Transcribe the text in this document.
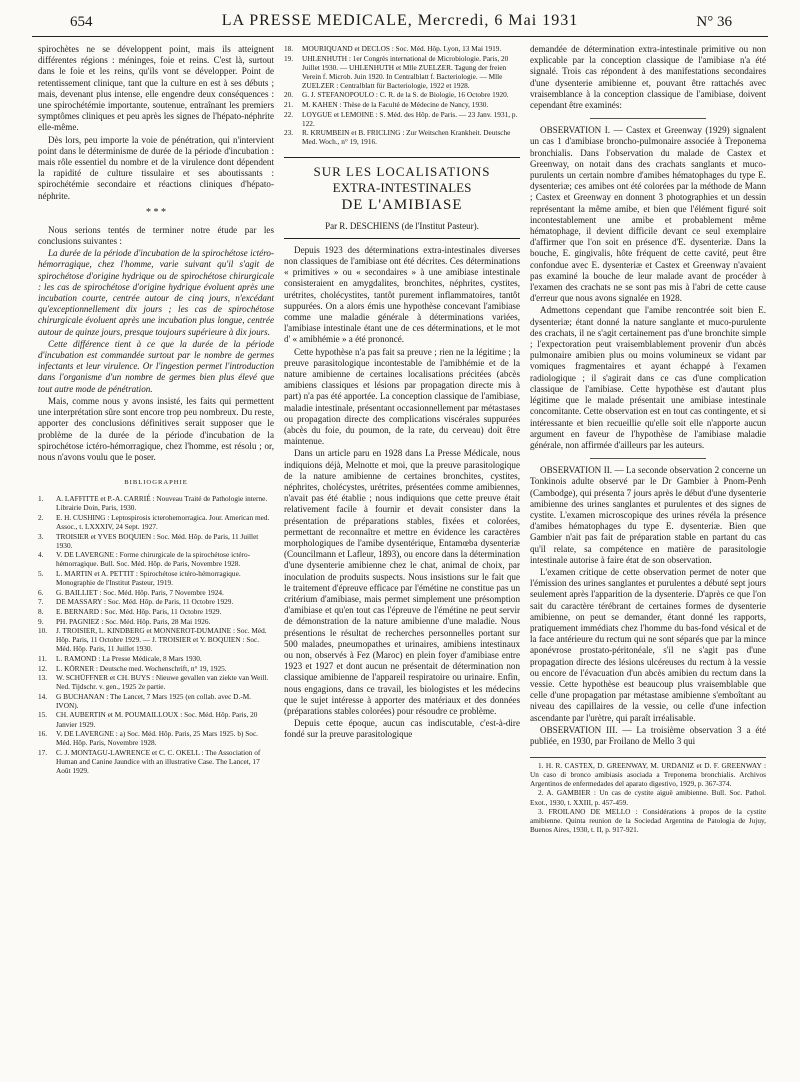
654	LA PRESSE MEDICALE, Mercredi, 6 Mai 1931	N° 36

spirochètes ne se développent point, mais ils atteignent différentes régions : méninges, foie et reins. C'est là, surtout dans le foie et les reins, qu'ils vont se développer. Point de retentissement clinique, tant que la culture en est à ses débuts ; mais, devenant plus intense, elle engendre deux conséquences : une spirochétémie importante, soutenue, entraînant les premiers symptômes cliniques et peu après les signes de l'hépato-néphrite elle-même.

Dès lors, peu importe la voie de pénétration, qui n'intervient point dans le déterminisme de durée de la période d'incubation : mais rôle essentiel du nombre et de la virulence dont dépendent la rapidité de culture tissulaire et ses aboutissants : spirochétémie secondaire et réactions cliniques d'hépato-néphrite.

* * *

Nous serions tentés de terminer notre étude par les conclusions suivantes :

La durée de la période d'incubation de la spirochétose ictéro-hémorragique, chez l'homme, varie suivant qu'il s'agit de spirochétose d'origine hydrique ou de spirochétose chirurgicale : les cas de spirochétose d'origine hydrique évoluent après une incubation courte, centrée autour de cinq jours, n'excédant qu'exceptionnellement dix jours ; les cas de spirochétose chirurgicale évoluent après une incubation plus longue, centrée autour de quinze jours, presque toujours supérieure à dix jours.

Cette différence tient à ce que la durée de la période d'incubation est commandée surtout par le nombre de germes infectants et leur virulence. Or l'ingestion permet l'introduction dans l'organisme d'un nombre de germes bien plus élevé que tout autre mode de pénétration.

Mais, comme nous y avons insisté, les faits qui permettent une interprétation sûre sont encore trop peu nombreux. Du reste, apporter des conclusions définitives serait supposer que le problème de la durée de la période d'incubation de la spirochétose ictéro-hémorragique, chez l'homme, est résolu ; or, nous n'avons voulu que le poser.

BIBLIOGRAPHIE
1. A. LAFFITTE et P.-A. CARRIÉ : Nouveau Traité de Pathologie interne. Librairie Doin, Paris, 1930.
2. E. H. CUSHING : Leptospirosis icterohemorragica. Jour. American med. Assoc., t. LXXXIV, 24 Sept. 1927.
3. TROISIER et YVES BOQUIEN : Soc. Méd. Hôp. de Paris, 11 Juillet 1930.
4. V. DE LAVERGNE : Forme chirurgicale de la spirochétose ictéro-hémorragique. Bull. Soc. Méd. Hôp. de Paris, Novembre 1928.
5. L. MARTIN et A. PETTIT : Spirochétose ictéro-hémorragique. Monographie de l'Institut Pasteur, 1919.
6. G. BAILLIET : Soc. Méd. Hôp. Paris, 7 Novembre 1924.
7. DE MASSARY : Soc. Méd. Hôp. de Paris, 11 Octobre 1929.
8. E. BERNARD : Soc. Méd. Hôp. Paris, 11 Octobre 1929.
9. PH. PAGNIEZ : Soc. Méd. Hôp. Paris, 28 Mai 1926.
10. J. TROISIER, L. KINDBERG et MONNEROT-DUMAINE : Soc. Méd. Hôp. Paris, 11 Octobre 1929. — J. TROISIER et Y. BOQUIEN : Soc. Méd. Hôp. Paris, 11 Juillet 1930.
11. L. RAMOND : La Presse Médicale, 8 Mars 1930.
12. L. KÖRNER : Deutsche med. Wochenschrift, n° 19, 1925.
13. W. SCHÜFFNER et CH. BUYS : Nieuwe gevallen van ziekte van Weill. Ned. Tijdschr. v. gen., 1925 2e partie.
14. G BUCHANAN : The Lancet, 7 Mars 1925 (en collab. avec D.-M. IVON).
15. CH. AUBERTIN et M. POUMAILLOUX : Soc. Méd. Hôp. Paris, 20 Janvier 1929.
16. V. DE LAVERGNE : a) Soc. Méd. Hôp. Paris, 25 Mars 1925. b) Soc. Méd. Hôp. Paris, Novembre 1928.
17. C. J. MONTAGU-LAWRENCE et C. C. OKELL : The Association of Human and Canine Jaundice with an illustrative Case. The Lancet, 17 Août 1929.
18. MOURIQUAND et DECLOS : Soc. Méd. Hôp. Lyon, 13 Mai 1919.
19. UHLENHUTH : 1er Congrès international de Microbiologie. Paris, 20 Juillet 1930. — UHLENHUTH et Mlle ZUELZER. Tagung der freien Verein f. Microb. Juin 1920. In Centralblatt f. Bacteriologie. — Mlle ZUELZER : Centralblatt für Bacteriologie, 1922 et 1928.
20. G. J. STEFANOPOULO : C. R. de la S. de Biologie, 16 Octobre 1920.
21. M. KAHEN : Thèse de la Faculté de Médecine de Nancy, 1930.
22. LOYGUE et LEMOINE : S. Méd. des Hôp. de Paris. — 23 Janv. 1931, p. 122.
23. R. KRUMBEIN et B. FRICLING : Zur Weitschen Krankheit. Deutsche Med. Woch., n° 19, 1916.
SUR LES LOCALISATIONS
EXTRA-INTESTINALES
DE L'AMIBIASE
Par R. DESCHIENS (de l'Institut Pasteur).

Depuis 1923 des déterminations extra-intestinales diverses non classiques de l'amibiase ont été décrites. Ces déterminations « primitives » ou « secondaires » à une amibiase intestinale consisteraient en amygdalites, bronchites, néphrites, cystites, urétrites, cholécystites, tantôt purement inflammatoires, tantôt suppurées. On a alors émis une hypothèse concevant l'amibiase comme une maladie générale à déterminations variées, l'amibiase intestinale étant une de ces déterminations, et le mot d' « amibhémie » a été prononcé.

Cette hypothèse n'a pas fait sa preuve ; rien ne la légitime ; la preuve parasitologique incontestable de l'amibhémie et de la nature amibienne de certaines localisations précitées (abcès amibiens classiques et lésions par propagation directe mis à part) n'a pas été apportée. La conception classique de l'amibiase, maladie intestinale, présentant occasionnellement par métastases ou propagation directe des complications viscérales suppurées (abcès du foie, du poumon, de la rate, du cerveau) doit être maintenue.

Dans un article paru en 1928 dans La Presse Médicale, nous indiquions déjà, Melnotte et moi, que la preuve parasitologique de la nature amibienne de certaines bronchites, cystites, néphrites, cholécystes, urétrites, présentées comme amibiennes, n'avait pas été établie ; nous indiquions que cette preuve était relativement facile à fournir et devait consister dans la présentation de préparations stables, fixées et colorées, permettant de reconnaître et mettre en évidence les caractères morphologiques de l'amibe dysentérique, Entamœba dysenteriæ (Councilmann et Lafleur, 1893), ou encore dans la détermination d'une dysenterie amibienne chez le chat, animal de choix, par inoculation de produits suspects. Nous insistions sur le fait que le traitement d'épreuve efficace par l'émétine ne constitue pas un critérium d'amibiase, mais permet simplement une présomption d'amibiase et qu'en tout cas l'épreuve de l'émétine ne peut servir de démonstration de la nature amibienne d'une maladie. Nous présentions le résultat de recherches personnelles portant sur 500 malades, pneumopathes et urinaires, amibiens intestinaux ou non, observés à Fez (Maroc) en plein foyer d'amibiase entre 1923 et 1927 et dont aucun ne présentait de détermination non classique amibienne de l'appareil respiratoire ou urinaire. Enfin, nous engagions, dans ce travail, les biologistes et les médecins que le sujet intéresse à apporter des matériaux et des données (préparations stables colorées) pour résoudre ce problème.

Depuis cette époque, aucun cas indiscutable, c'est-à-dire fondé sur la preuve parasitologique

demandée de détermination extra-intestinale primitive ou non explicable par la conception classique de l'amibiase n'a été signalé. Trois cas répondent à des manifestations secondaires d'une dysenterie amibienne et, pouvant être rattachés avec vraisemblance à la conception classique de l'amibiase, doivent cependant être examinés:

OBSERVATION I. — Castex et Greenway (1929) signalent un cas 1 d'amibiase broncho-pulmonaire associée à Treponema bronchialis. Dans l'observation du malade de Castex et Greenway, on notait dans des crachats sanglants et muco-purulents un certain nombre d'amibes hématophages du type E. dysenteriæ; ces amibes ont été colorées par la méthode de Mann ; Castex et Greenway en donnent 3 photographies et un dessin représentant la même amibe, et bien que l'élément figuré soit incontestablement une amibe et probablement même hématophage, il devient difficile devant ce seul exemplaire d'affirmer que l'on soit en présence d'E. dysenteriæ. Dans la bouche, E. gingivalis, hôte fréquent de cette cavité, peut être confondue avec E. dysenteriæ et Castex et Greenway n'avaient pas examiné la bouche de leur malade avant de procéder à l'examen des crachats ne se sont pas mis à l'abri de cette cause d'erreur que nous avons signalée en 1928.

Admettons cependant que l'amibe rencontrée soit bien E. dysenteriæ; étant donné la nature sanglante et muco-purulente des crachats, il ne s'agit certainement pas d'une bronchite simple ; l'expectoration peut vraisemblablement provenir d'un abcès pulmonaire amibien plus ou moins volumineux se vidant par vomiques fragmentaires et ayant échappé à l'examen radiologique ; il s'agirait dans ce cas d'une complication classique de l'amibiase. Cette hypothèse est d'autant plus légitime que le malade présentait une amibiase intestinale concomitante. Cette observation est en tout cas contingente, et si intéressante et bien recueillie qu'elle soit elle n'apporte aucun argument en faveur de l'hypothèse de l'amibiase maladie générale, non affirmée d'ailleurs par les auteurs.

OBSERVATION II. — La seconde observation 2 concerne un Tonkinois adulte observé par le Dr Gambier à Pnom-Penh (Cambodge), qui présenta 7 jours après le début d'une dysenterie amibienne des urines sanglantes et purulentes et des signes de cystite. L'examen microscopique des urines révéla la présence d'amibes hématophages du type E. dysenteriæ. Bien que Gambier n'ait pas fait de préparation stable en partant du cas qu'il relate, sa compétence en matière de parasitologie intestinale autorise à faire état de son observation.

L'examen critique de cette observation permet de noter que l'émission des urines sanglantes et purulentes a débuté sept jours seulement après l'apparition de la dysenterie. D'après ce que l'on sait du caractère térébrant de certaines formes de dysenterie amibienne, on peut se demander, étant donné les rapports, pratiquement immédiats chez l'homme du bas-fond vésical et de la face antérieure du rectum qui ne sont séparés que par la mince aponévrose prostato-péritonéale, s'il ne s'agit pas d'une propagation directe des lésions ulcéreuses du rectum à la vessie ou encore de l'évacuation d'un abcès amibien du rectum dans la vessie. Cette hypothèse est beaucoup plus vraisemblable que celle d'une propagation par métastase amibienne s'emboîtant au niveau des capillaires de la vessie, ou celle d'une infection ascendante par l'urètre, qui paraît irréalisable.

OBSERVATION III. — La troisième observation 3 a été publiée, en 1930, par Froilano de Mello 3 qui

1. H. R. CASTEX, D. GREENWAY, M. URDANIZ et D. F. GREENWAY : Un caso di bronco amibiasis asociada a Treponema bronchialis. Archivos Argentinos de enfermedades del aparato digestivo, 1929, p. 367-374.

2. A. GAMBIER : Un cas de cystite aiguë amibienne. Bull. Soc. Pathol. Exot., 1930, t. XXIII, p. 457-459.

3. FROILANO DE MELLO : Considérations à propos de la cystite amibienne. Quinta reunion de la Sociedad Argentina de Patologia de Jujuy, Buenos Aires, 1930, t. II, p. 917-921.
